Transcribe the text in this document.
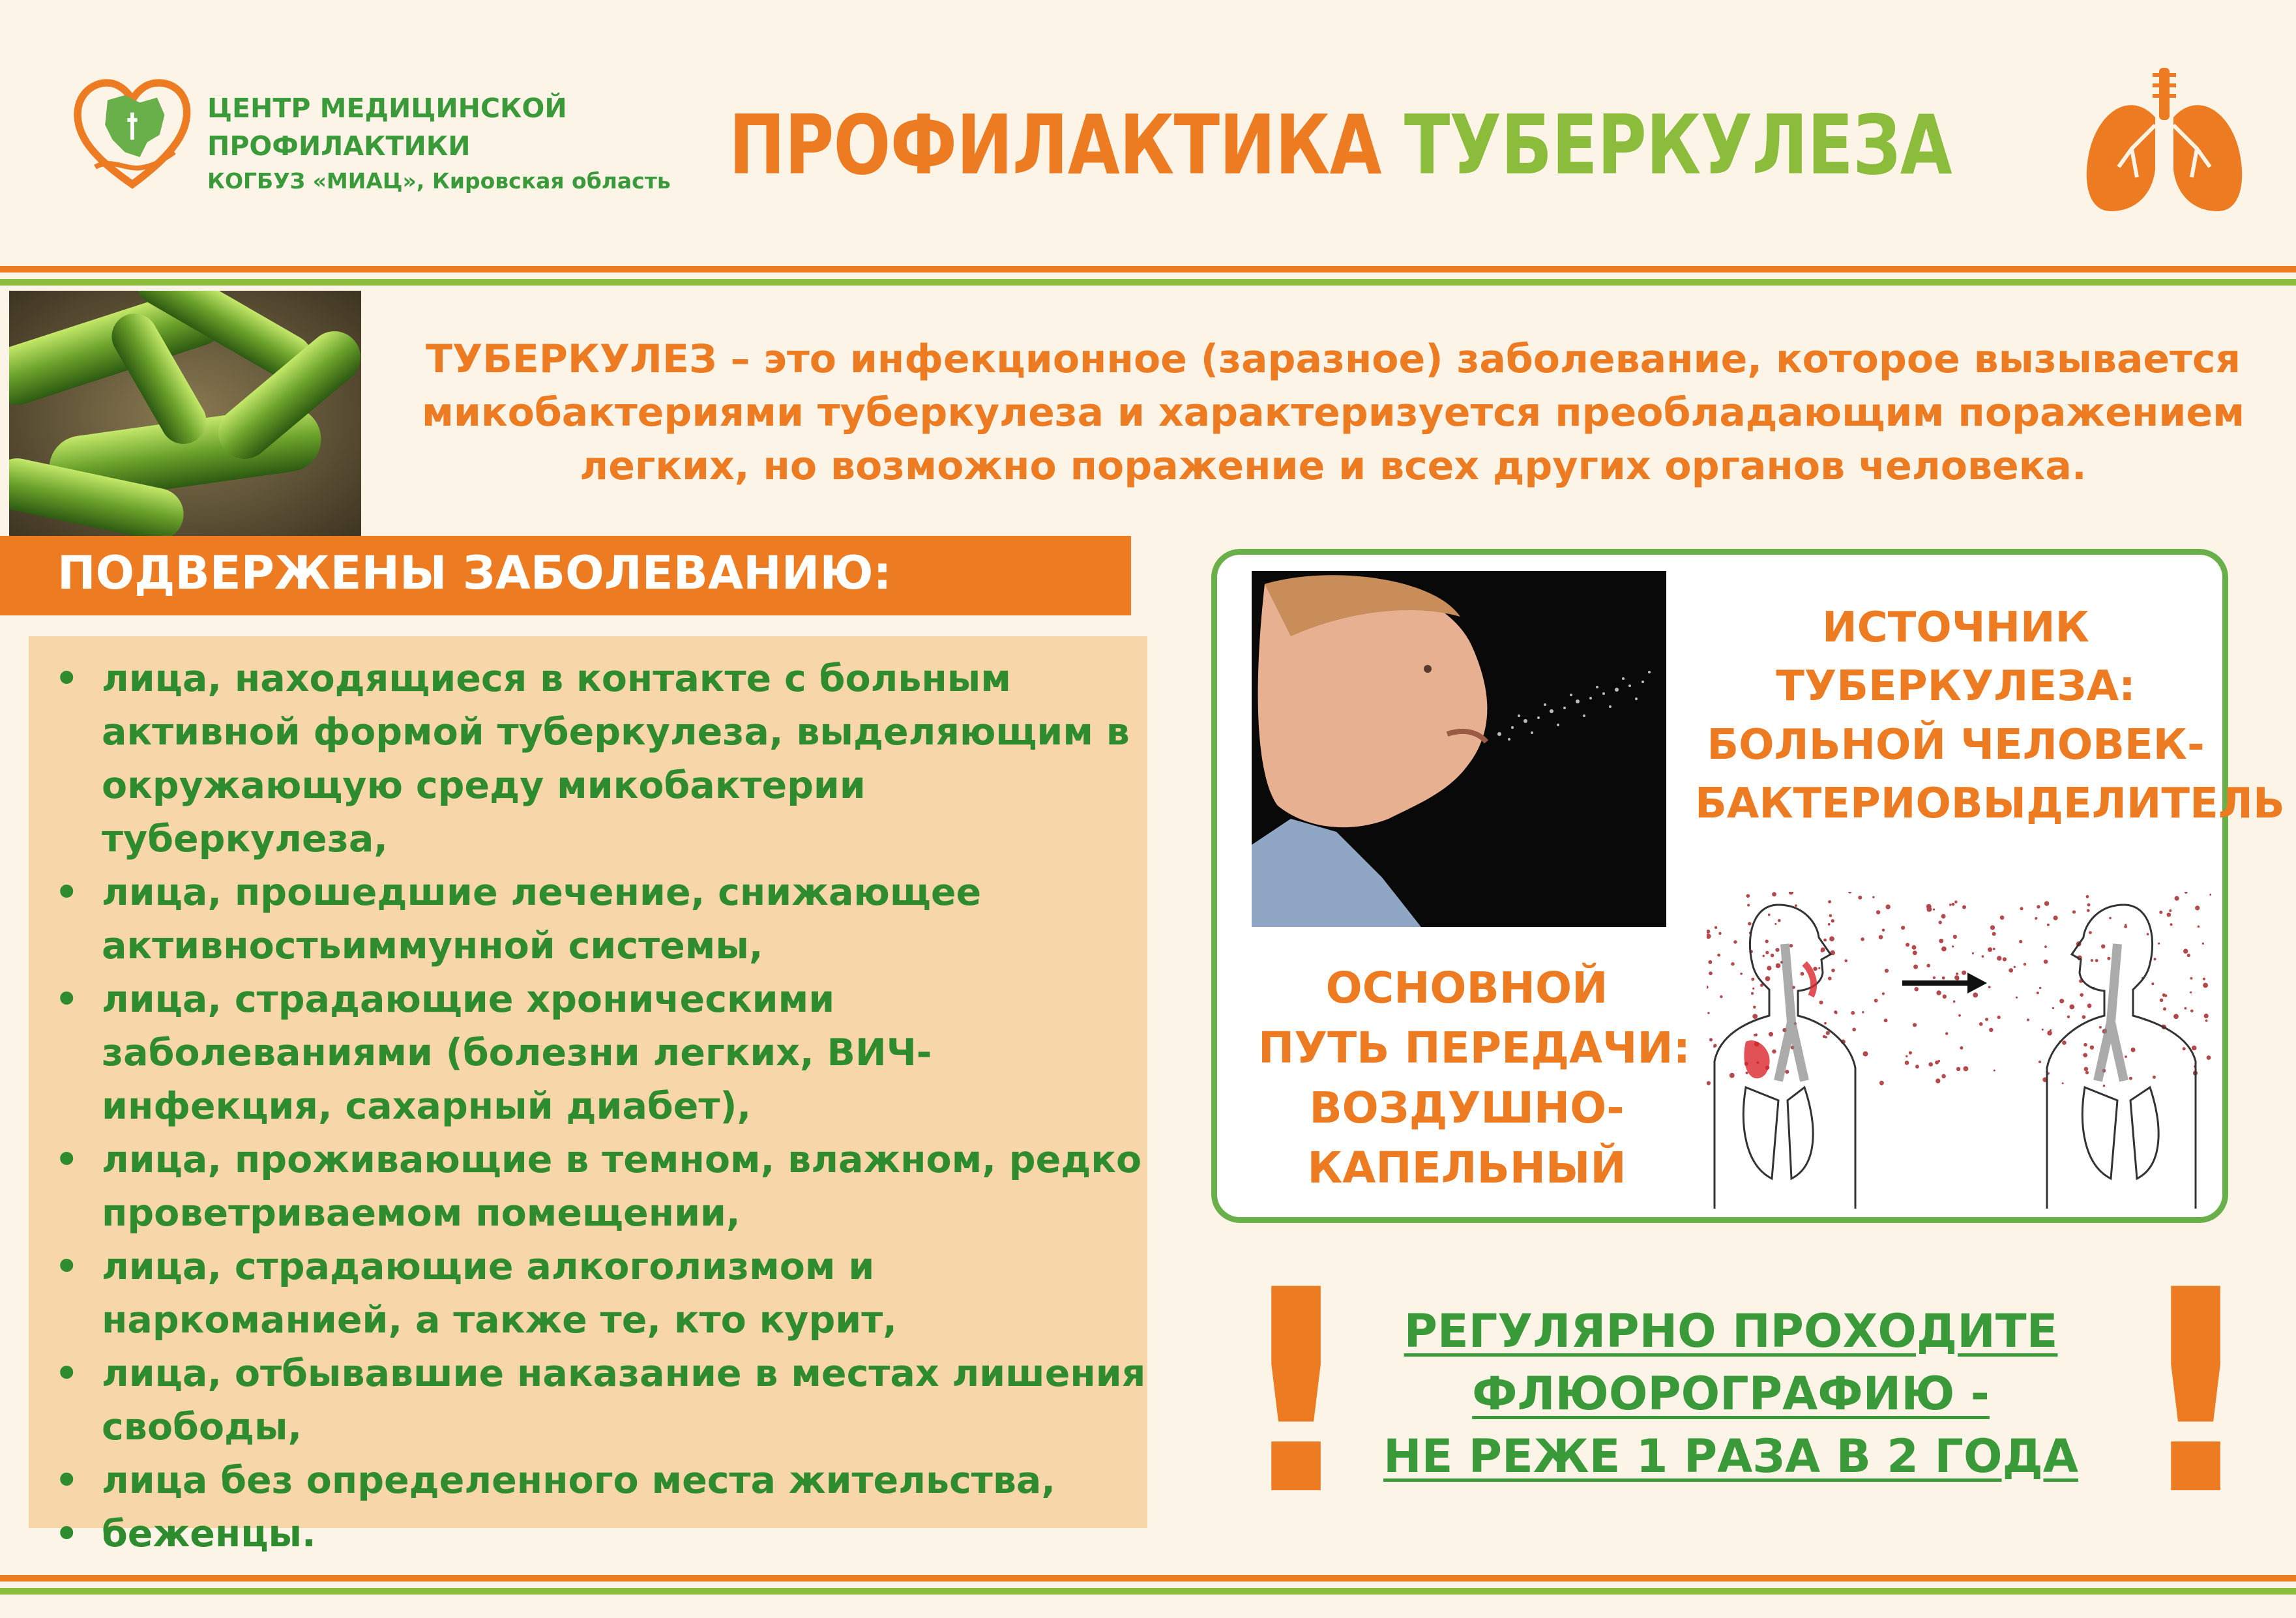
ЦЕНТР МЕДИЦИНСКОЙ
ПРОФИЛАКТИКИ
КОГБУЗ «МИАЦ», Кировская область ПРОФИЛАКТИКА ТУБЕРКУЛЕЗА
ТУБЕРКУЛЕЗ – это инфекционное (заразное) заболевание, которое вызывается микобактериями туберкулеза и характеризуется преобладающим поражением легких, но возможно поражение и всех других органов человека.
ПОДВЕРЖЕНЫ ЗАБОЛЕВАНИЮ:
• лица, находящиеся в контакте с больным активной формой туберкулеза, выделяющим в окружающую среду микобактерии туберкулеза,
• лица, прошедшие лечение, снижающее активностьиммунной системы,
• лица, страдающие хроническими заболеваниями (болезни легких, ВИЧ- инфекция, сахарный диабет),
• лица, проживающие в темном, влажном, редко проветриваемом помещении,
• лица, страдающие алкоголизмом и наркоманией, а также те, кто курит,
• лица, отбывавшие наказание в местах лишения свободы,
• лица без определенного места жительства,
• беженцы.
ИСТОЧНИК
ТУБЕРКУЛЕЗА:
БОЛЬНОЙ ЧЕЛОВЕК-
БАКТЕРИОВЫДЕЛИТЕЛЬ
ОСНОВНОЙ
ПУТЬ ПЕРЕДАЧИ:
ВОЗДУШНО-
КАПЕЛЬНЫЙ
!	!
РЕГУЛЯРНО ПРОХОДИТЕ
ФЛЮОРОГРАФИЮ -
НЕ РЕЖЕ 1 РАЗА В 2 ГОДА
